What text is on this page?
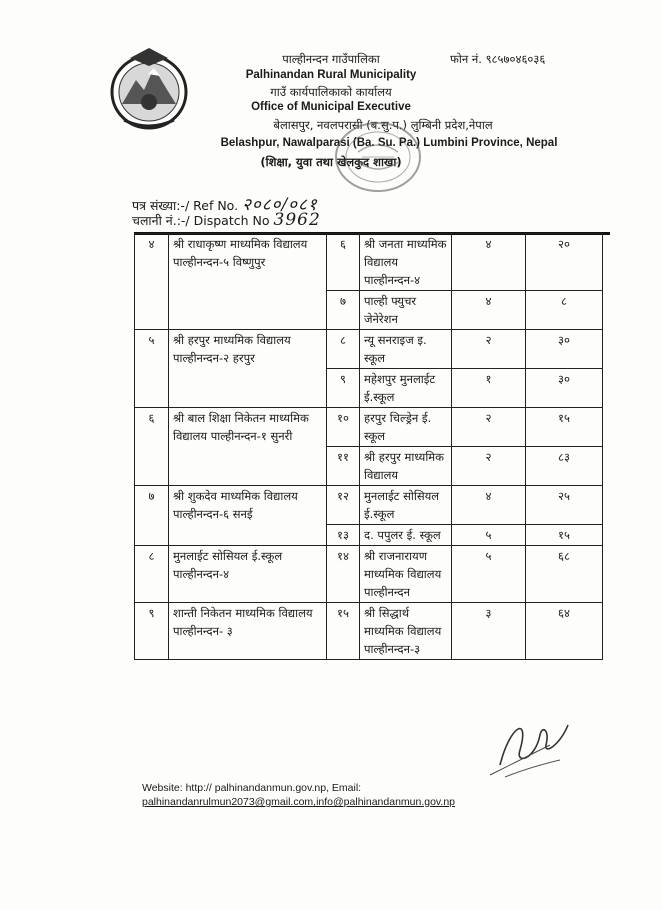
पाल्हीनन्दन गाउँपालिका	फोन नं. ९८५७०४६०३६
Palhinandan Rural Municipality
गाउँ कार्यपालिकाको कार्यालय
Office of Municipal Executive
बेलासपुर, नवलपरासी (ब.सु.प.) लुम्बिनी प्रदेश,नेपाल
Belashpur, Nawalparasi (Ba. Su. Pa.) Lumbini Province, Nepal
(शिक्षा, युवा तथा खेलकुद शाखा)
पत्र संख्या:-/ Ref No. २०८०/०८१
चलानी नं.:-/ Dispatch No 3962
४	श्री राधाकृष्ण माध्यमिक विद्यालय पाल्हीनन्दन-५ विष्णुपुर	६	श्री जनता माध्यमिक विद्यालय पाल्हीनन्दन-४	४	२०
		७	पाल्ही फ्युचर जेनेरेशन	४	८
५	श्री हरपुर माध्यमिक विद्यालय पाल्हीनन्दन-२ हरपुर	८	न्यू सनराइज इ. स्कूल	२	३०
		९	महेशपुर मुनलाईट ई.स्कूल	१	३०
६	श्री बाल शिक्षा निकेतन माध्यमिक विद्यालय पाल्हीनन्दन-१ सुनरी	१०	हरपुर चिल्ड्रेन ई. स्कूल	२	१५
		११	श्री हरपुर माध्यमिक विद्यालय	२	८३
७	श्री शुकदेव माध्यमिक विद्यालय पाल्हीनन्दन-६ सनई	१२	मुनलाईट सोसियल ई.स्कूल	४	२५
		१३	द. पपुलर ई. स्कूल	५	१५
८	मुनलाईट सोसियल ई.स्कूल पाल्हीनन्दन-४	१४	श्री राजनारायण माध्यमिक विद्यालय पाल्हीनन्दन	५	६८
९	शान्ती निकेतन माध्यमिक विद्यालय पाल्हीनन्दन- ३	१५	श्री सिद्धार्थ माध्यमिक विद्यालय पाल्हीनन्दन-३	३	६४
Website: http:// palhinandanmun.gov.np, Email:
palhinandanrulmun2073@gmail.com,info@palhinandanmun.gov.np
